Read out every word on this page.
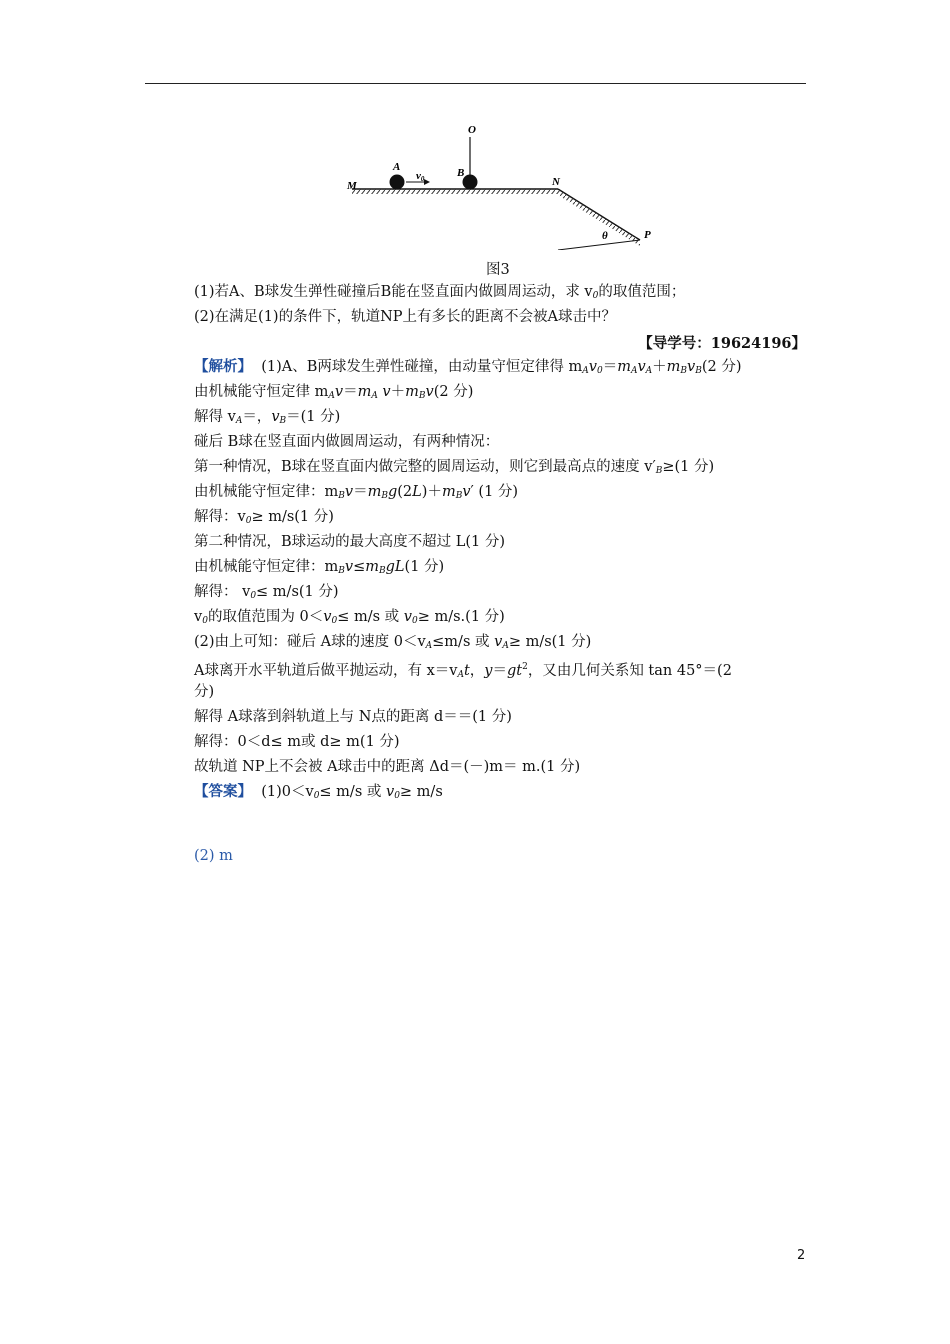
O
A	B
M	N
P
θ
v0
图3
(1)若A、B球发生弹性碰撞后B能在竖直面内做圆周运动，求 $v_0$的取值范围；
(2)在满足(1)的条件下，轨道NP上有多长的距离不会被A球击中？
【导学号：19624196】
【解析】 (1)A、B两球发生弹性碰撞，由动量守恒定律得 $m_Av_0=m_Av_A+m_Bv_B(2$ 分)
由机械能守恒定律 $m_Av=m_A$ $v+m_Bv(2$ 分)
解得 $v_A=$，$v_B=(1$ 分)
碰后 B球在竖直面内做圆周运动，有两种情况：
第一种情况，B球在竖直面内做完整的圆周运动，则它到最高点的速度 $v'_B\ge(1$ 分)
由机械能守恒定律：$m_Bv=m_Bg(2L)+m_Bv'$ (1 分)
解得：$v_0\ge m/s(1$ 分)
第二种情况，B球运动的最大高度不超过 L(1 分)
由机械能守恒定律：$m_Bv\le m_BgL(1$ 分)
解得： $v_0\le m/s(1$ 分)
$v_0$的取值范围为 $0<v_0\le m/s$ 或 $v_0\ge m/s.(1$ 分)
(2)由上可知：碰后 A球的速度 $0<v_A\le m/s$ 或 $v_A\ge m/s(1$ 分)
A球离开水平轨道后做平抛运动，有 $x=v_At$，$y=gt^2$，又由几何关系知 tan 45°＝(2
分)
解得 A球落到斜轨道上与 N点的距离 d＝＝(1 分)
解得：0＜d≤ m或 d≥ m(1 分)
故轨道 NP上不会被 A球击中的距离 Δd＝(－)m＝ m.(1 分)
【答案】 $(1)0<v_0\le m/s$ 或 $v_0\ge m/s$
(2) m
2
